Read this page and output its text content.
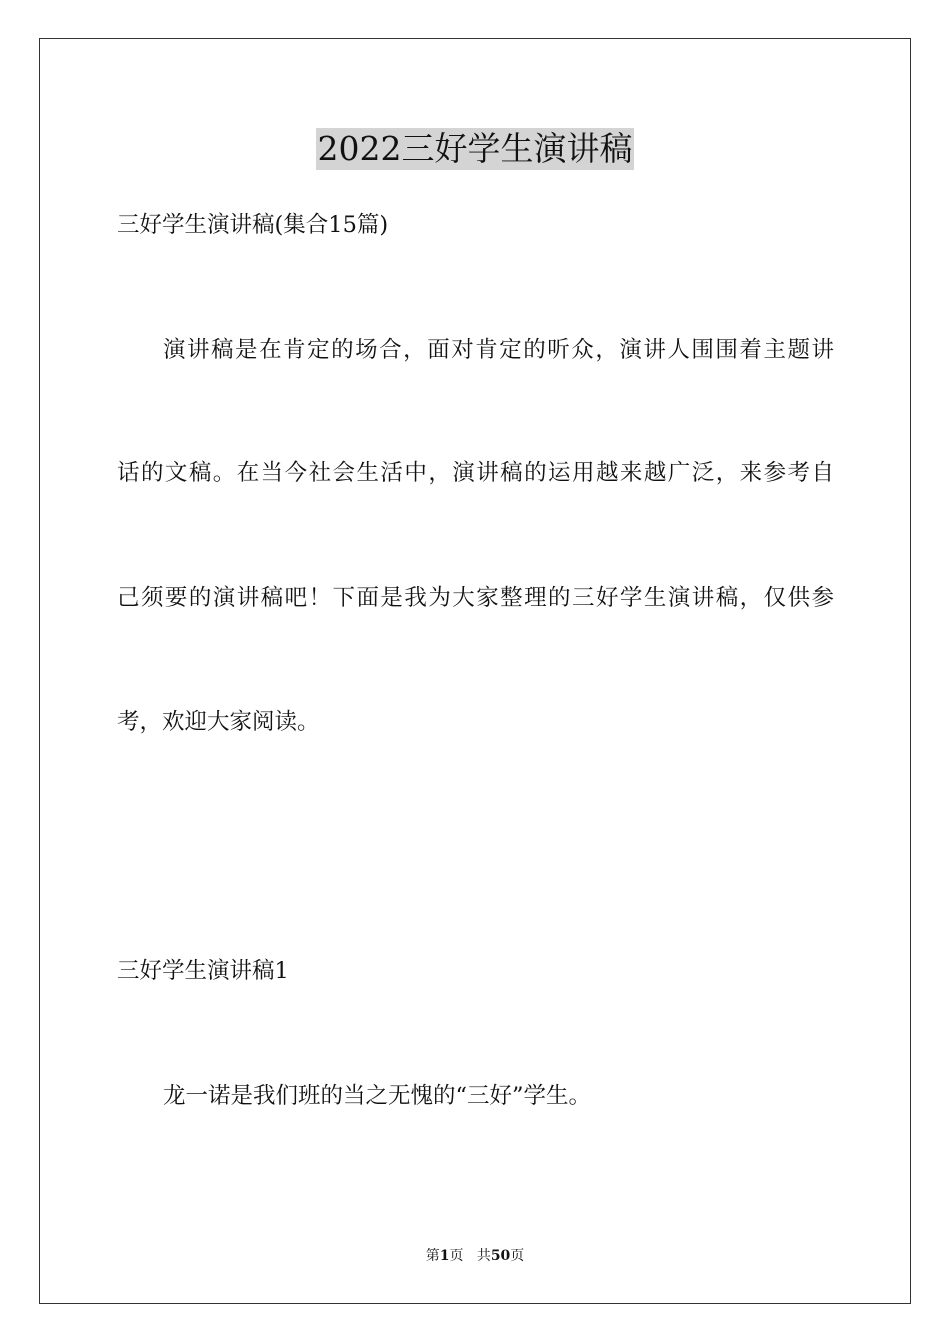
2022三好学生演讲稿
三好学生演讲稿(集合15篇)
演讲稿是在肯定的场合，面对肯定的听众，演讲人围围着主题讲
话的文稿。在当今社会生活中，演讲稿的运用越来越广泛，来参考自
己须要的演讲稿吧！下面是我为大家整理的三好学生演讲稿，仅供参
考，欢迎大家阅读。
三好学生演讲稿1
龙一诺是我们班的当之无愧的“三好”学生。
第1页 共50页
